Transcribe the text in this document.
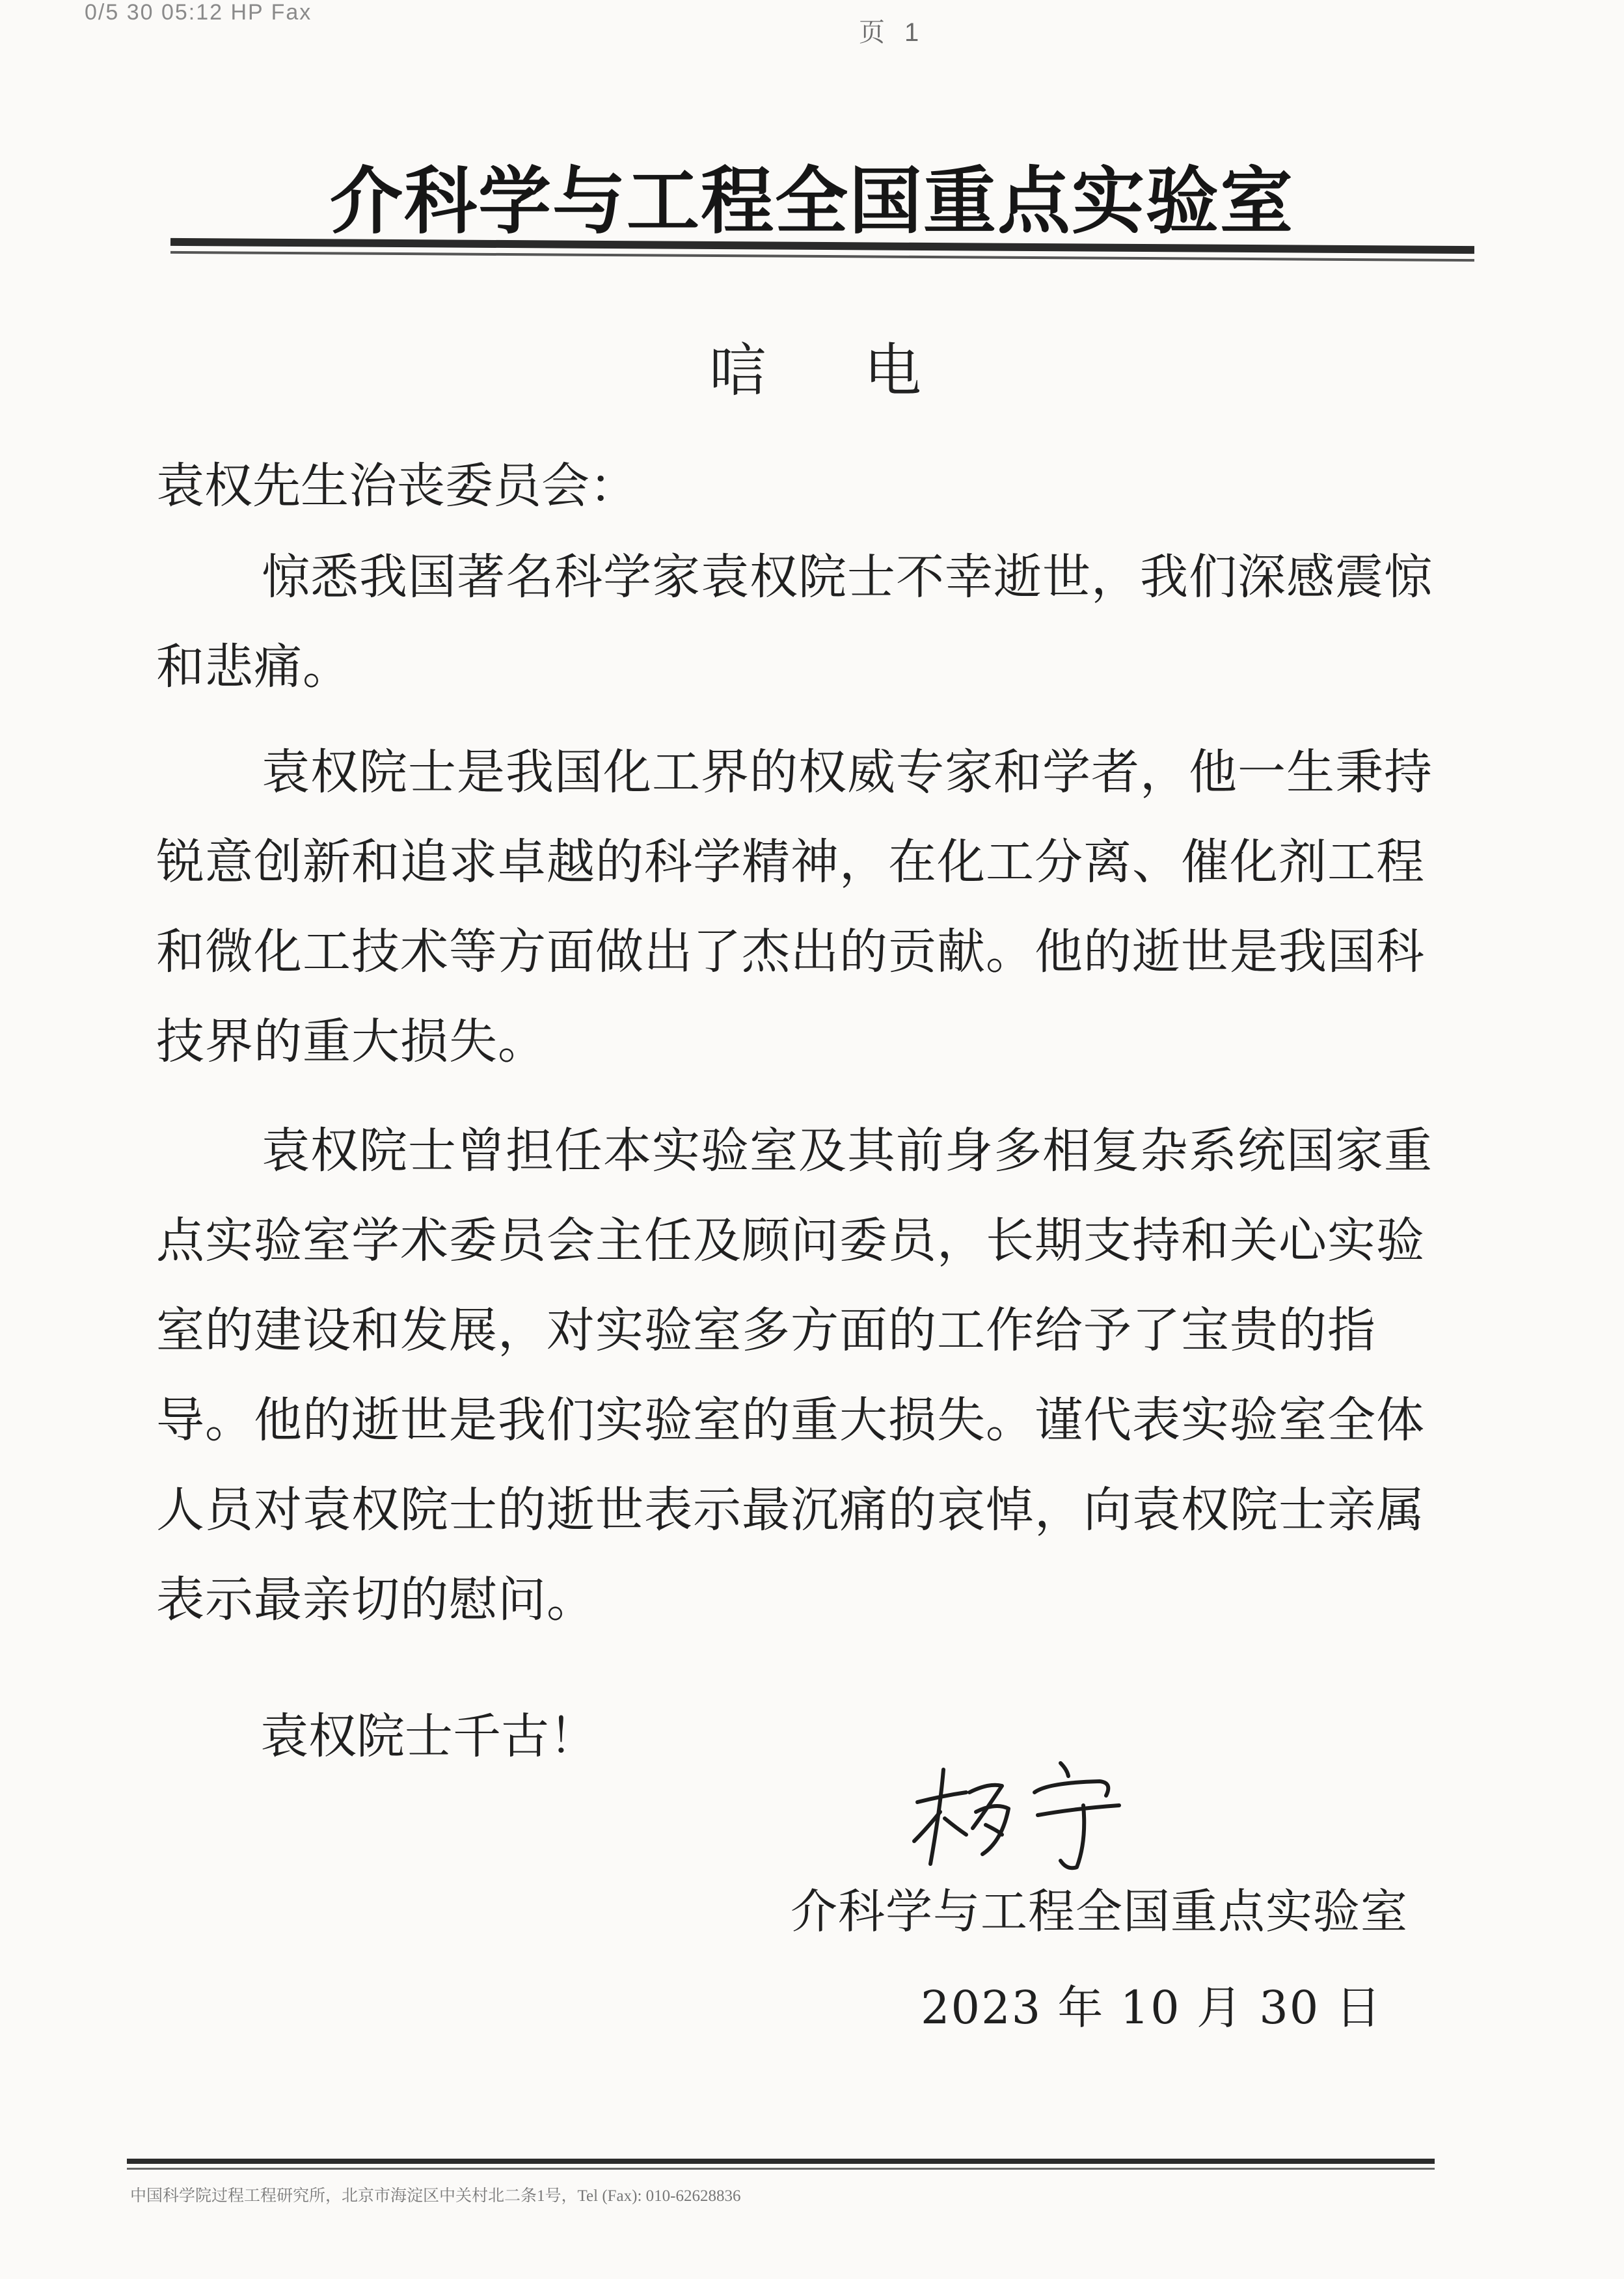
0/5 30 05:12 HP Fax
页 1
介科学与工程全国重点实验室
唁电
袁权先生治丧委员会：

惊悉我国著名科学家袁权院士不幸逝世，我们深感震惊和悲痛。

袁权院士是我国化工界的权威专家和学者，他一生秉持锐意创新和追求卓越的科学精神，在化工分离、催化剂工程和微化工技术等方面做出了杰出的贡献。他的逝世是我国科技界的重大损失。

袁权院士曾担任本实验室及其前身多相复杂系统国家重点实验室学术委员会主任及顾问委员，长期支持和关心实验室的建设和发展，对实验室多方面的工作给予了宝贵的指导。他的逝世是我们实验室的重大损失。谨代表实验室全体人员对袁权院士的逝世表示最沉痛的哀悼，向袁权院士亲属表示最亲切的慰问。

袁权院士千古！
介科学与工程全国重点实验室
2023 年 10 月 30 日
中国科学院过程工程研究所，北京市海淀区中关村北二条1号，Tel (Fax): 010-62628836
